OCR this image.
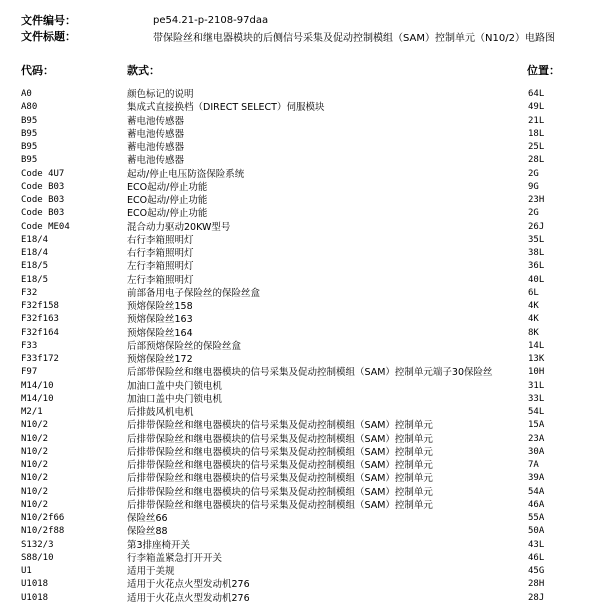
文件编号：	pe54.21-p-2108-97daa
文件标题：	带保险丝和继电器模块的后侧信号采集及促动控制模组（SAM）控制单元（N10/2）电路图
代码：	款式：	位置：
A0	颜色标记的说明	64L
A80	集成式直接换档（DIRECT SELECT）伺服模块	49L
B95	蓄电池传感器	21L
B95	蓄电池传感器	18L
B95	蓄电池传感器	25L
B95	蓄电池传感器	28L
Code 4U7	起动/停止电压防盗保险系统	2G
Code B03	ECO起动/停止功能	9G
Code B03	ECO起动/停止功能	23H
Code B03	ECO起动/停止功能	2G
Code ME04	混合动力驱动20KW型号	26J
E18/4	右行李箱照明灯	35L
E18/4	右行李箱照明灯	38L
E18/5	左行李箱照明灯	36L
E18/5	左行李箱照明灯	40L
F32	前部备用电子保险丝的保险丝盒	6L
F32f158	预熔保险丝158	4K
F32f163	预熔保险丝163	4K
F32f164	预熔保险丝164	8K
F33	后部预熔保险丝的保险丝盒	14L
F33f172	预熔保险丝172	13K
F97	后部带保险丝和继电器模块的信号采集及促动控制模组（SAM）控制单元端子30保险丝	10H
M14/10	加油口盖中央门锁电机	31L
M14/10	加油口盖中央门锁电机	33L
M2/1	后排鼓风机电机	54L
N10/2	后排带保险丝和继电器模块的信号采集及促动控制模组（SAM）控制单元	15A
N10/2	后排带保险丝和继电器模块的信号采集及促动控制模组（SAM）控制单元	23A
N10/2	后排带保险丝和继电器模块的信号采集及促动控制模组（SAM）控制单元	30A
N10/2	后排带保险丝和继电器模块的信号采集及促动控制模组（SAM）控制单元	7A
N10/2	后排带保险丝和继电器模块的信号采集及促动控制模组（SAM）控制单元	39A
N10/2	后排带保险丝和继电器模块的信号采集及促动控制模组（SAM）控制单元	54A
N10/2	后排带保险丝和继电器模块的信号采集及促动控制模组（SAM）控制单元	46A
N10/2f66	保险丝66	55A
N10/2f88	保险丝88	50A
S132/3	第3排座椅开关	43L
S88/10	行李箱盖紧急打开开关	46L
U1	适用于美规	45G
U1018	适用于火花点火型发动机276	28H
U1018	适用于火花点火型发动机276	28J
